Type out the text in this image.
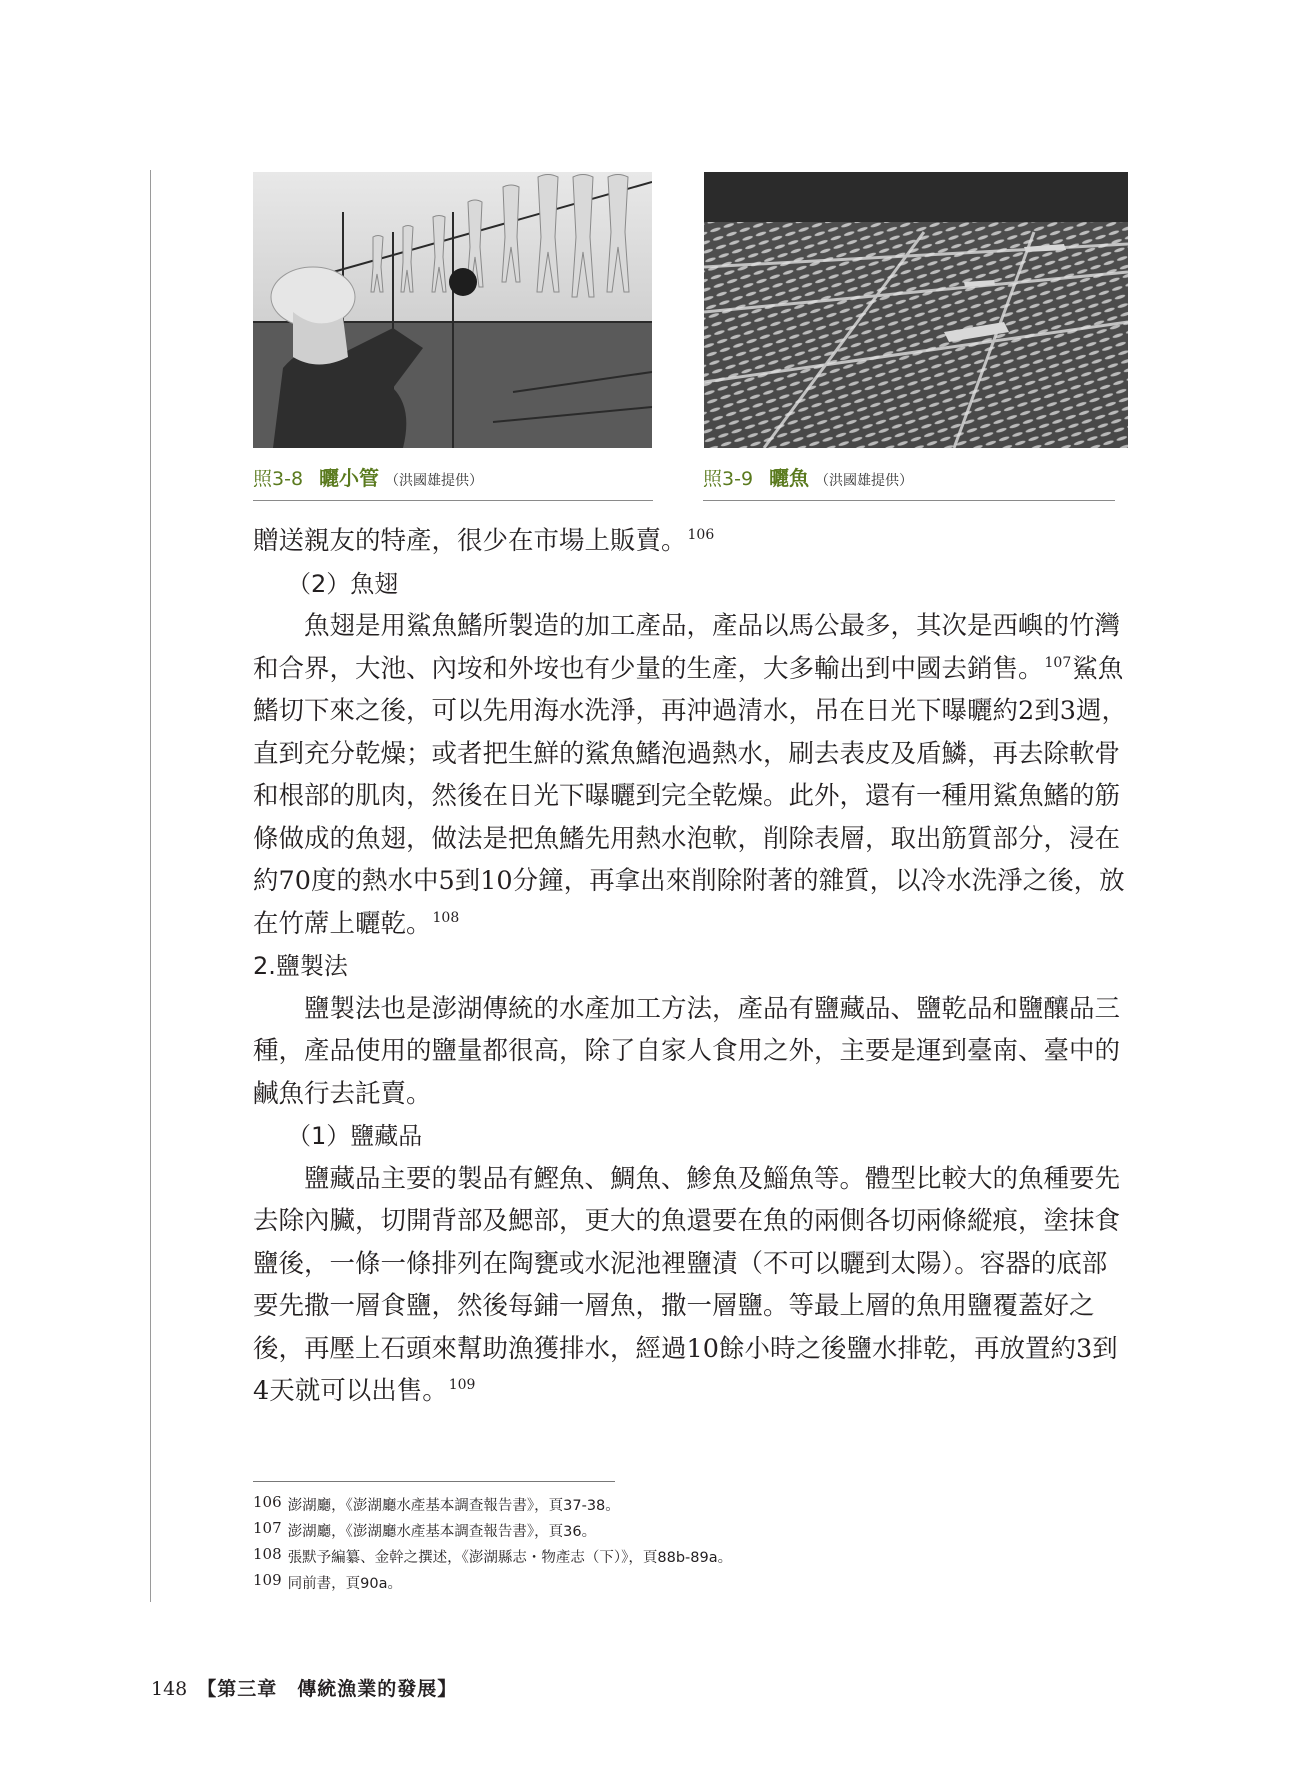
照3-8 曬小管 （洪國雄提供）	照3-9 曬魚 （洪國雄提供）

贈送親友的特產，很少在市場上販賣。$^{106}$

（2）魚翅

魚翅是用鯊魚鰭所製造的加工產品，產品以馬公最多，其次是西嶼的竹灣和合界，大池、內垵和外垵也有少量的生產，大多輸出到中國去銷售。$^{107}$鯊魚鰭切下來之後，可以先用海水洗淨，再沖過清水，吊在日光下曝曬約2到3週，直到充分乾燥；或者把生鮮的鯊魚鰭泡過熱水，刷去表皮及盾鱗，再去除軟骨和根部的肌肉，然後在日光下曝曬到完全乾燥。此外，還有一種用鯊魚鰭的筋條做成的魚翅，做法是把魚鰭先用熱水泡軟，削除表層，取出筋質部分，浸在約70度的熱水中5到10分鐘，再拿出來削除附著的雜質，以冷水洗淨之後，放在竹蓆上曬乾。$^{108}$

2.鹽製法

鹽製法也是澎湖傳統的水產加工方法，產品有鹽藏品、鹽乾品和鹽釀品三種，產品使用的鹽量都很高，除了自家人食用之外，主要是運到臺南、臺中的鹹魚行去託賣。

（1）鹽藏品

鹽藏品主要的製品有鰹魚、鯛魚、鯵魚及鯔魚等。體型比較大的魚種要先去除內臟，切開背部及鰓部，更大的魚還要在魚的兩側各切兩條縱痕，塗抹食鹽後，一條一條排列在陶甕或水泥池裡鹽漬（不可以曬到太陽）。容器的底部要先撒一層食鹽，然後每鋪一層魚，撒一層鹽。等最上層的魚用鹽覆蓋好之後，再壓上石頭來幫助漁獲排水，經過10餘小時之後鹽水排乾，再放置約3到4天就可以出售。$^{109}$

106 澎湖廳，《澎湖廳水產基本調查報告書》，頁37-38。
107 澎湖廳，《澎湖廳水產基本調查報告書》，頁36。
108 張默予編纂、金幹之撰述，《澎湖縣志・物產志（下）》，頁88b-89a。
109 同前書，頁90a。
148 【第三章　傳統漁業的發展】
